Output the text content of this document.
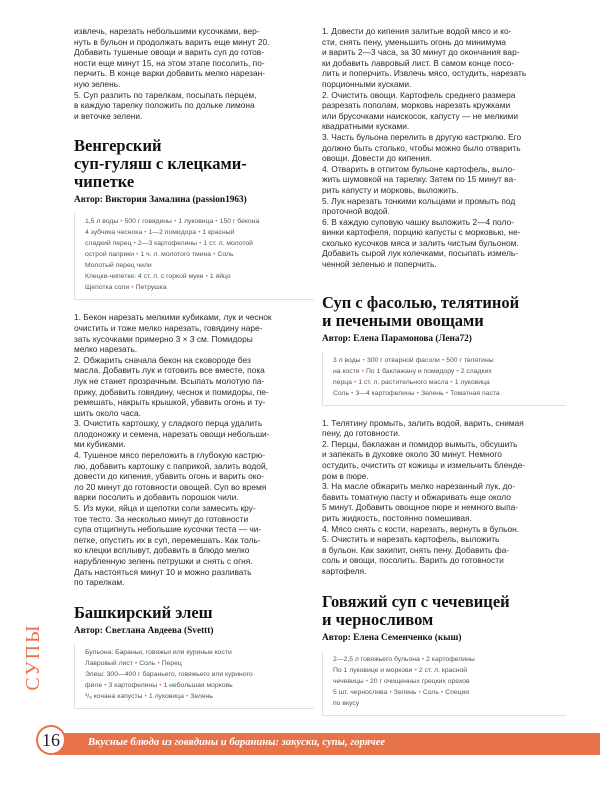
извлечь, нарезать небольшими кусочками, вер-
нуть в бульон и продолжать варить еще минут 20.
Добавить тушеные овощи и варить суп до готов-
ности еще минут 15, на этом этапе посолить, по-
перчить. В конце варки добавить мелко нарезан-
ную зелень.
5. Суп разлить по тарелкам, посыпать перцем,
в каждую тарелку положить по дольке лимона
и веточке зелени.
Венгерский
суп-гуляш с клецками-
чипетке
Автор: Виктория Замалина (passion1963)
1,5 л воды • 500 г говядины • 1 луковица • 150 г бекона
4 зубчика чеснока • 1—2 помидора • 1 красный
сладкий перец • 2—3 картофелины • 1 ст. л. молотой
острой паприки • 1 ч. л. молотого тмина • Соль
Молотый перец чили
Клецки-чипетке: 4 ст. л. с горкой муки • 1 яйцо
Щепотка соли • Петрушка
1. Бекон нарезать мелкими кубиками, лук и чеснок
очистить и тоже мелко нарезать, говядину наре-
зать кусочками примерно 3 × 3 см. Помидоры
мелко нарезать.
2. Обжарить сначала бекон на сковороде без
масла. Добавить лук и готовить все вместе, пока
лук не станет прозрачным. Всыпать молотую па-
прику, добавить говядину, чеснок и помидоры, пе-
ремешать, накрыть крышкой, убавить огонь и ту-
шить около часа.
3. Очистить картошку, у сладкого перца удалить
плодоножку и семена, нарезать овощи небольши-
ми кубиками.
4. Тушеное мясо переложить в глубокую кастрю-
лю, добавить картошку с паприкой, залить водой,
довести до кипения, убавить огонь и варить око-
ло 20 минут до готовности овощей. Суп во время
варки посолить и добавить порошок чили.
5. Из муки, яйца и щепотки соли замесить кру-
тое тесто. За несколько минут до готовности
супа отщипнуть небольшие кусочки теста — чи-
петке, опустить их в суп, перемешать. Как толь-
ко клецки всплывут, добавить в блюдо мелко
нарубленную зелень петрушки и снять с огня.
Дать настояться минут 10 и можно разливать
по тарелкам.
Башкирский элеш
Автор: Светлана Авдеева (Svettt)
Бульона: Бараньи, говяжьи или куриные кости
Лавровый лист • Соль • Перец
Элеш: 300—400 г бараньего, говяжьего или куриного
филе • 3 картофелины • 1 небольшая морковь
¹/₆ кочана капусты • 1 луковица • Зелень
1. Довести до кипения залитые водой мясо и ко-
сти, снять пену, уменьшить огонь до минимума
и варить 2—3 часа, за 30 минут до окончания вар-
ки добавить лавровый лист. В самом конце посо-
лить и поперчить. Извлечь мясо, остудить, нарезать
порционными кусками.
2. Очистить овощи. Картофель среднего размера
разрезать пополам, морковь нарезать кружками
или брусочками наискосок, капусту — не мелкими
квадратными кусками.
3. Часть бульона перелить в другую кастрюлю. Его
должно быть столько, чтобы можно было отварить
овощи. Довести до кипения.
4. Отварить в отпитом бульоне картофель, выло-
жить шумовкой на тарелку. Затем по 15 минут ва-
рить капусту и морковь, выложить.
5. Лук нарезать тонкими кольцами и промыть под
проточной водой.
6. В каждую суповую чашку выложить 2—4 поло-
винки картофеля, порцию капусты с морковью, не-
сколько кусочков мяса и залить чистым бульоном.
Добавить сырой лук колечками, посыпать измель-
ченной зеленью и поперчить.
Суп с фасолью, телятиной
и печеными овощами
Автор: Елена Парамонова (Лена72)
3 л воды • 300 г отварной фасоли • 500 г телятины
на кости • По 1 баклажану и помидору • 2 сладких
перца • 1 ст. л. растительного масла • 1 луковица
Соль • 3—4 картофелины • Зелень • Томатная паста
1. Телятину промыть, залить водой, варить, снимая
пену, до готовности.
2. Перцы, баклажан и помидор вымыть, обсушить
и запекать в духовке около 30 минут. Немного
остудить, очистить от кожицы и измельчить бленде-
ром в пюре.
3. На масле обжарить мелко нарезанный лук, до-
бавить томатную пасту и обжаривать еще около
5 минут. Добавить овощное пюре и немного выпа-
рить жидкость, постоянно помешивая.
4. Мясо снять с кости, нарезать, вернуть в бульон.
5. Очистить и нарезать картофель, выложить
в бульон. Как закипит, снять пену. Добавить фа-
соль и овощи, посолить. Варить до готовности
картофеля.
Говяжий суп с чечевицей
и черносливом
Автор: Елена Семенченко (кыш)
2—2,5 л говяжьего бульона • 2 картофелины
По 1 луковице и моркови • 2 ст. л. красной
чечевицы • 20 г очищенных грецких орехов
5 шт. чернослива • Зелень • Соль • Специи
по вкусу
СУПЫ
Вкусные блюда из говядины и баранины: закуски, супы, горячее
16
